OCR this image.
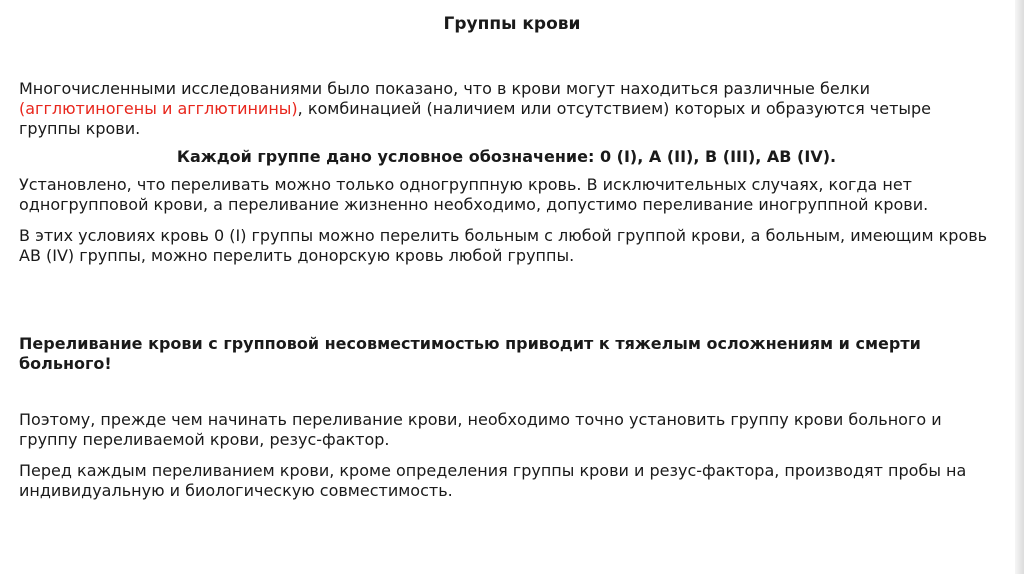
Группы крови

Многочисленными исследованиями было показано, что в крови могут находиться различные белки
(агглютиногены и агглютинины), комбинацией (наличием или отсутствием) которых и образуются четыре группы крови.

Каждой группе дано условное обозначение: 0 (I), А (II), В (III), АВ (IV).

Установлено, что переливать можно только одногруппную кровь. В исключительных случаях, когда нет одногрупповой крови, а переливание жизненно необходимо, допустимо переливание иногруппной крови.

В этих условиях кровь 0 (I) группы можно перелить больным с любой группой крови, а больным, имеющим кровь АВ (IV) группы, можно перелить донорскую кровь любой группы.

Переливание крови с групповой несовместимостью приводит к тяжелым осложнениям и смерти больного!

Поэтому, прежде чем начинать переливание крови, необходимо точно установить группу крови больного и группу переливаемой крови, резус-фактор.

Перед каждым переливанием крови, кроме определения группы крови и резус-фактора, производят пробы на индивидуальную и биологическую совместимость.
